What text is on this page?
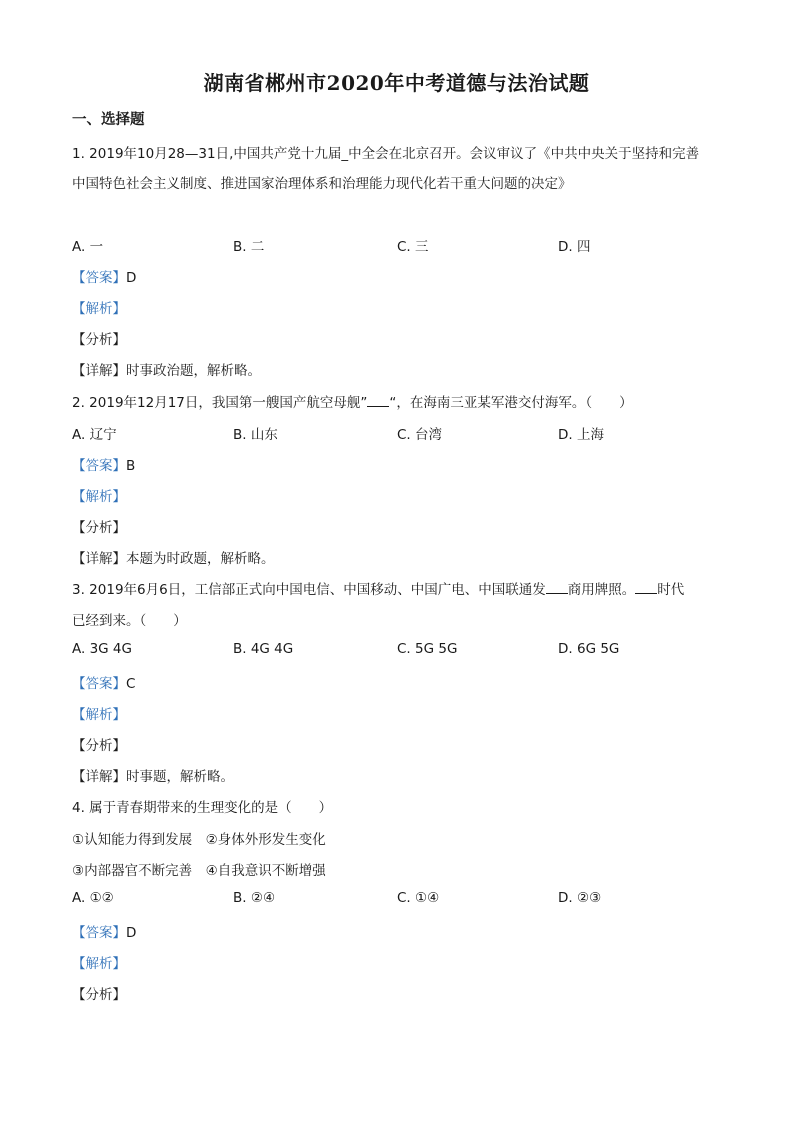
湖南省郴州市2020年中考道德与法治试题
一、选择题
1. 2019年10月28—31日,中国共产党十九届_中全会在北京召开。会议审议了《中共中央关于坚持和完善
中国特色社会主义制度、推进国家治理体系和治理能力现代化若干重大问题的决定》
A. 一	B. 二	C. 三	D. 四
【答案】D
【解析】
【分析】
【详解】时事政治题，解析略。
2. 2019年12月17日，我国第一艘国产航空母舰” “，在海南三亚某军港交付海军。（　　）
A. 辽宁	B. 山东	C. 台湾	D. 上海
【答案】B
【解析】
【分析】
【详解】本题为时政题，解析略。
3. 2019年6月6日，工信部正式向中国电信、中国移动、中国广电、中国联通发 商用牌照。 时代
已经到来。（　　）
A. 3G 4G	B. 4G 4G	C. 5G 5G	D. 6G 5G
【答案】C
【解析】
【分析】
【详解】时事题，解析略。
4. 属于青春期带来的生理变化的是（　　）
①认知能力得到发展　②身体外形发生变化
③内部器官不断完善　④自我意识不断增强
A. ①②	B. ②④	C. ①④	D. ②③
【答案】D
【解析】
【分析】
